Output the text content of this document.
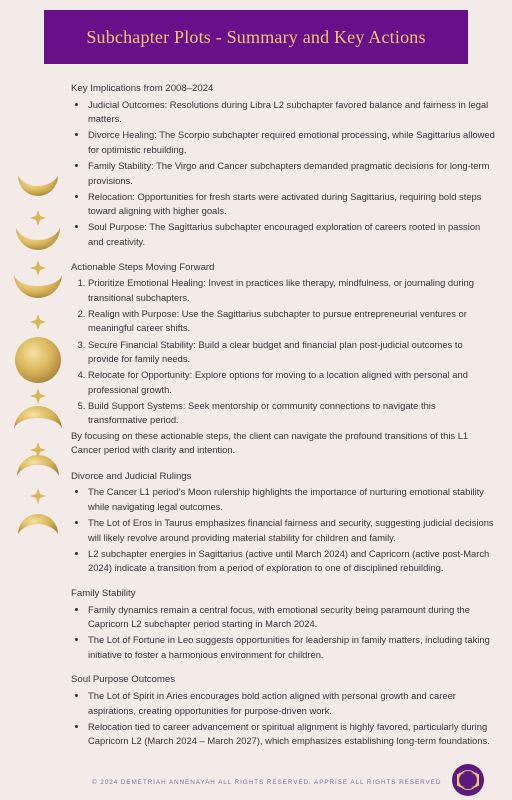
Subchapter Plots - Summary and Key Actions
Key Implications from 2008–2024
• Judicial Outcomes: Resolutions during Libra L2 subchapter favored balance and fairness in legal matters.
• Divorce Healing: The Scorpio subchapter required emotional processing, while Sagittarius allowed for optimistic rebuilding.
• Family Stability: The Virgo and Cancer subchapters demanded pragmatic decisions for long-term provisions.
• Relocation: Opportunities for fresh starts were activated during Sagittarius, requiring bold steps toward aligning with higher goals.
• Soul Purpose: The Sagittarius subchapter encouraged exploration of careers rooted in passion and creativity.
Actionable Steps Moving Forward
1. Prioritize Emotional Healing: Invest in practices like therapy, mindfulness, or journaling during transitional subchapters.
2. Realign with Purpose: Use the Sagittarius subchapter to pursue entrepreneurial ventures or meaningful career shifts.
3. Secure Financial Stability: Build a clear budget and financial plan post-judicial outcomes to provide for family needs.
4. Relocate for Opportunity: Explore options for moving to a location aligned with personal and professional growth.
5. Build Support Systems: Seek mentorship or community connections to navigate this transformative period.

By focusing on these actionable steps, the client can navigate the profound transitions of this L1 Cancer period with clarity and intention.

Divorce and Judicial Rulings
• The Cancer L1 period’s Moon rulership highlights the importance of nurturing emotional stability while navigating legal outcomes.
• The Lot of Eros in Taurus emphasizes financial fairness and security, suggesting judicial decisions will likely revolve around providing material stability for children and family.
• L2 subchapter energies in Sagittarius (active until March 2024) and Capricorn (active post-March 2024) indicate a transition from a period of exploration to one of disciplined rebuilding.
Family Stability
• Family dynamics remain a central focus, with emotional security being paramount during the Capricorn L2 subchapter period starting in March 2024.
• The Lot of Fortune in Leo suggests opportunities for leadership in family matters, including taking initiative to foster a harmonious environment for children.
Soul Purpose Outcomes
• The Lot of Spirit in Aries encourages bold action aligned with personal growth and career aspirations, creating opportunities for purpose-driven work.
• Relocation tied to career advancement or spiritual alignment is highly favored, particularly during Capricorn L2 (March 2024 – March 2027), which emphasizes establishing long-term foundations.
© 2024 DEMETRIAH ANNENAYAH ALL RIGHTS RESERVED. APPRISE ALL RIGHTS RESERVED
